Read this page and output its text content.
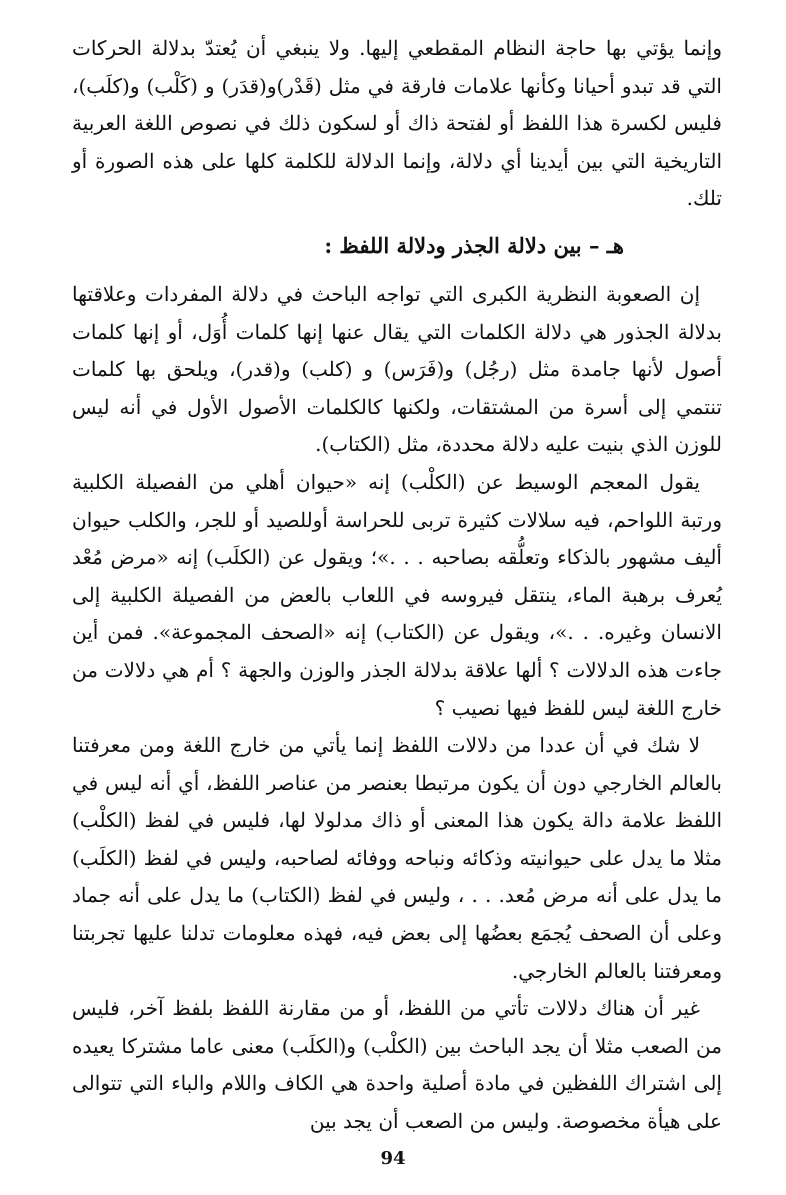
وإنما يؤتي بها حاجة النظام المقطعي إليها. ولا ينبغي أن يُعتدّ بدلالة الحركات التي قد تبدو أحيانا وكأنها علامات فارقة في مثل (قَدْر)و(قدَر) و (كَلْب) و(كلَب)، فليس لكسرة هذا اللفظ أو لفتحة ذاك أو لسكون ذلك في نصوص اللغة العربية التاريخية التي بين أيدينا أي دلالة، وإنما الدلالة للكلمة كلها على هذه الصورة أو تلك.

هـ – بين دلالة الجذر ودلالة اللفظ :

إن الصعوبة النظرية الكبرى التي تواجه الباحث في دلالة المفردات وعلاقتها بدلالة الجذور هي دلالة الكلمات التي يقال عنها إنها كلمات أُوَل، أو إنها كلمات أصول لأنها جامدة مثل (رجُل) و(فَرَس) و (كلب) و(قدر)، ويلحق بها كلمات تنتمي إلى أسرة من المشتقات، ولكنها كالكلمات الأصول الأول في أنه ليس للوزن الذي بنيت عليه دلالة محددة، مثل (الكتاب).

يقول المعجم الوسيط عن (الكلْب) إنه «حيوان أهلي من الفصيلة الكلبية ورتبة اللواحم، فيه سلالات كثيرة تربى للحراسة أوللصيد أو للجر، والكلب حيوان أليف مشهور بالذكاء وتعلُّقه بصاحبه . . .»؛ ويقول عن (الكلَب) إنه «مرض مُعْد يُعرف برهبة الماء، ينتقل فيروسه في اللعاب بالعض من الفصيلة الكلبية إلى الانسان وغيره. . .»، ويقول عن (الكتاب) إنه «الصحف المجموعة». فمن أين جاءت هذه الدلالات ؟ ألها علاقة بدلالة الجذر والوزن والجهة ؟ أم هي دلالات من خارج اللغة ليس للفظ فيها نصيب ؟

لا شك في أن عددا من دلالات اللفظ إنما يأتي من خارج اللغة ومن معرفتنا بالعالم الخارجي دون أن يكون مرتبطا بعنصر من عناصر اللفظ، أي أنه ليس في اللفظ علامة دالة يكون هذا المعنى أو ذاك مدلولا لها، فليس في لفظ (الكلْب) مثلا ما يدل على حيوانيته وذكائه ونباحه ووفائه لصاحبه، وليس في لفظ (الكلَب) ما يدل على أنه مرض مُعد. . . ، وليس في لفظ (الكتاب) ما يدل على أنه جماد وعلى أن الصحف يُجمَع بعضُها إلى بعض فيه، فهذه معلومات تدلنا عليها تجربتنا ومعرفتنا بالعالم الخارجي.

غير أن هناك دلالات تأتي من اللفظ، أو من مقارنة اللفظ بلفظ آخر، فليس من الصعب مثلا أن يجد الباحث بين (الكلْب) و(الكلَب) معنى عاما مشتركا يعيده إلى اشتراك اللفظين في مادة أصلية واحدة هي الكاف واللام والباء التي تتوالى على هيأة مخصوصة. وليس من الصعب أن يجد بين

94
